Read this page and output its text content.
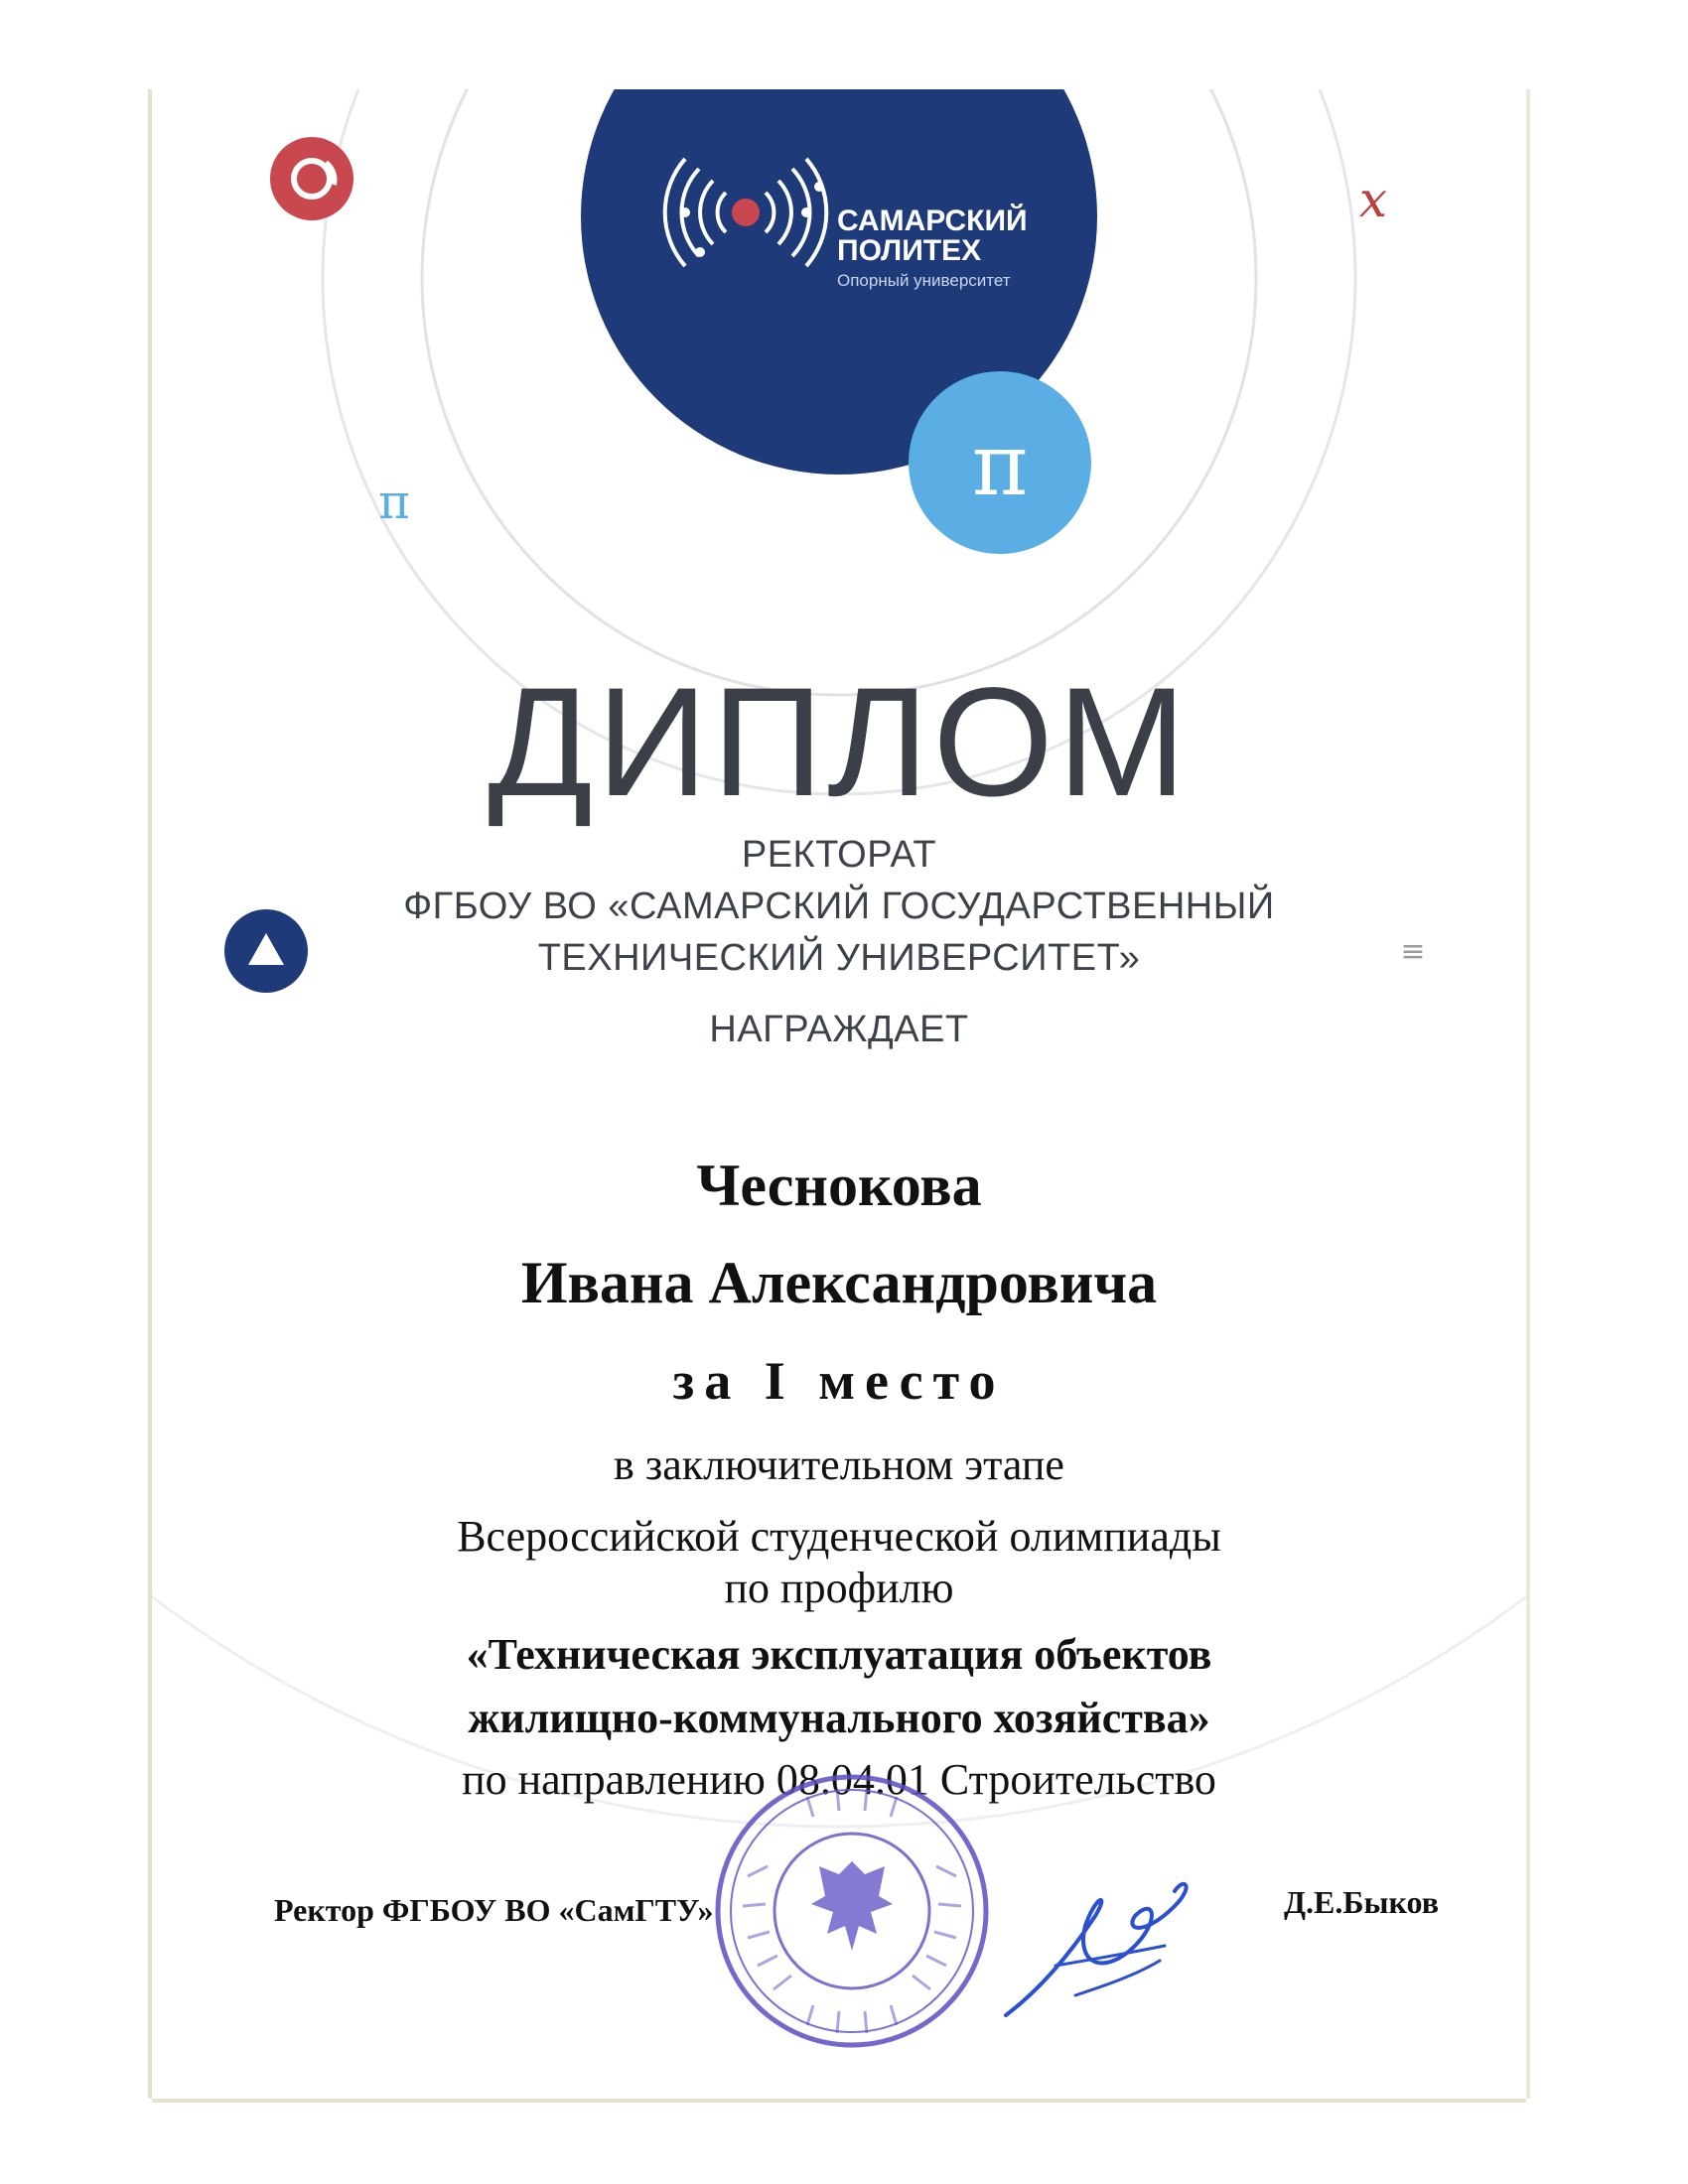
САМАРСКИЙ
ПОЛИТЕХ
Опорный университет
π
π
x
≡
ДИПЛОМ
РЕКТОРАТ
ФГБОУ ВО «САМАРСКИЙ ГОСУДАРСТВЕННЫЙ
ТЕХНИЧЕСКИЙ УНИВЕРСИТЕТ»
НАГРАЖДАЕТ
Чеснокова
Ивана Александровича
за I место
в заключительном этапе
Всероссийской студенческой олимпиады
по профилю
«Техническая эксплуатация объектов
жилищно-коммунального хозяйства»
по направлению 08.04.01 Строительство
Ректор ФГБОУ ВО «СамГТУ»	Д.Е.Быков
